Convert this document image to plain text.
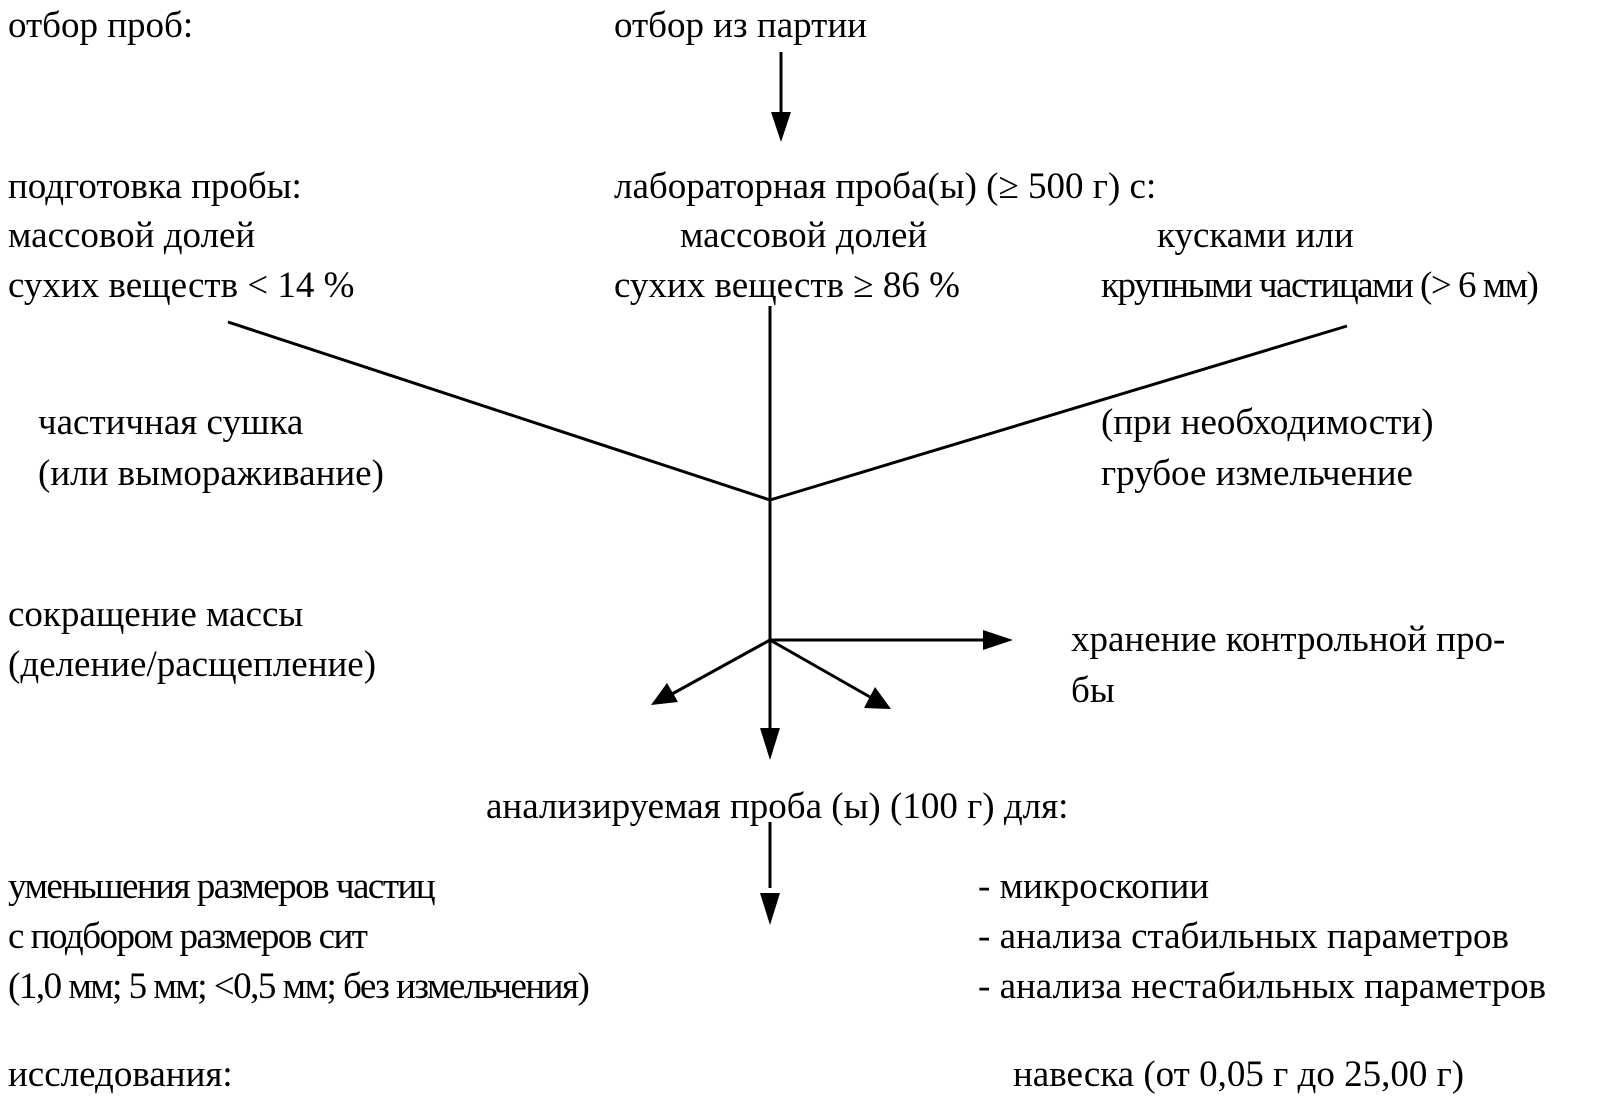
отбор проб:
подготовка пробы:
исследования:
отбор из партии
лабораторная проба(ы) (≥ 500 г) с:
массовой долей
сухих веществ < 14 %
массовой долей
сухих веществ ≥ 86 %
кусками или
крупными частицами (> 6 мм)
частичная сушка
(или вымораживание)
(при необходимости)
грубое измельчение
сокращение массы
(деление/расщепление)
хранение контрольной про-
бы
анализируемая проба (ы) (100 г) для:
уменьшения размеров частиц
с подбором размеров сит
(1,0 мм; 5 мм; <0,5 мм; без измельчения)
- микроскопии
- анализа стабильных параметров
- анализа нестабильных параметров
навеска (от 0,05 г до 25,00 г)
